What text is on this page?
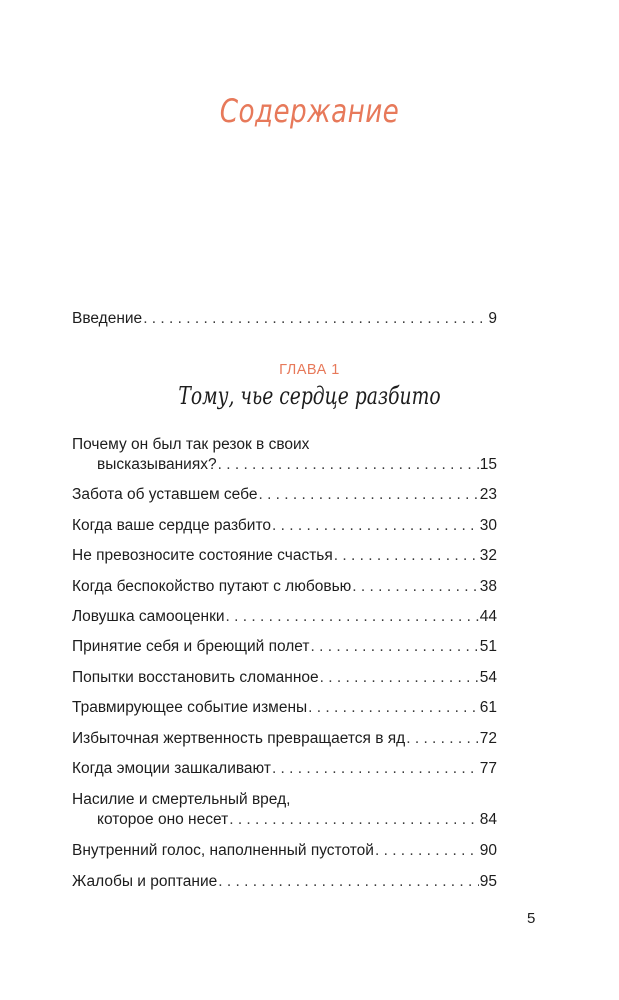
Содержание
Введение . . .	9
ГЛАВА 1
Тому, чье сердце разбито
Почему он был так резок в своих
высказываниях? . . .	15
Забота об уставшем себе . . .	23
Когда ваше сердце разбито . . .	30
Не превозносите состояние счастья . . .	32
Когда беспокойство путают с любовью . . .	38
Ловушка самооценки . . .	44
Принятие себя и бреющий полет . . .	51
Попытки восстановить сломанное . . .	54
Травмирующее событие измены . . .	61
Избыточная жертвенность превращается в яд . . .	72
Когда эмоции зашкаливают . . .	77
Насилие и смертельный вред,
которое оно несет . . .	84
Внутренний голос, наполненный пустотой . . .	90
Жалобы и роптание . . .	95
5
